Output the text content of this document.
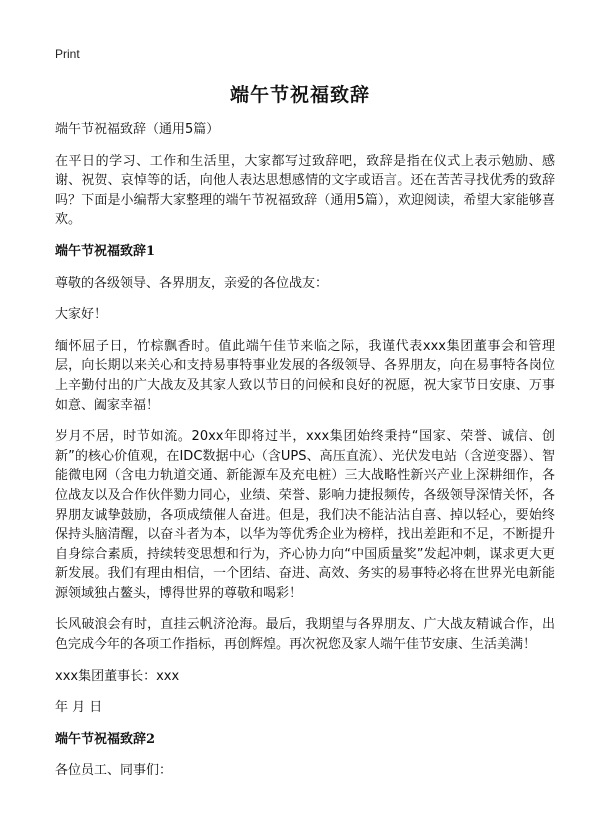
Print
端午节祝福致辞

端午节祝福致辞（通用5篇）

在平日的学习、工作和生活里，大家都写过致辞吧，致辞是指在仪式上表示勉励、感谢、祝贺、哀悼等的话，向他人表达思想感情的文字或语言。还在苦苦寻找优秀的致辞吗？下面是小编帮大家整理的端午节祝福致辞（通用5篇），欢迎阅读，希望大家能够喜欢。

端午节祝福致辞1

尊敬的各级领导、各界朋友，亲爱的各位战友：

大家好！

缅怀屈子日，竹棕飘香时。值此端午佳节来临之际，我谨代表xxx集团董事会和管理层，向长期以来关心和支持易事特事业发展的各级领导、各界朋友，向在易事特各岗位上辛勤付出的广大战友及其家人致以节日的问候和良好的祝愿，祝大家节日安康、万事如意、阖家幸福！

岁月不居，时节如流。20xx年即将过半，xxx集团始终秉持“国家、荣誉、诚信、创新”的核心价值观，在IDC数据中心（含UPS、高压直流）、光伏发电站（含逆变器）、智能微电网（含电力轨道交通、新能源车及充电桩）三大战略性新兴产业上深耕细作，各位战友以及合作伙伴勠力同心，业绩、荣誉、影响力捷报频传，各级领导深情关怀，各界朋友诚挚鼓励，各项成绩催人奋进。但是，我们决不能沾沾自喜、掉以轻心，要始终保持头脑清醒，以奋斗者为本，以华为等优秀企业为榜样，找出差距和不足，不断提升自身综合素质，持续转变思想和行为，齐心协力向“中国质量奖”发起冲刺，谋求更大更新发展。我们有理由相信，一个团结、奋进、高效、务实的易事特必将在世界光电新能源领域独占鳌头，博得世界的尊敬和喝彩！

长风破浪会有时，直挂云帆济沧海。最后，我期望与各界朋友、广大战友精诚合作，出色完成今年的各项工作指标，再创辉煌。再次祝您及家人端午佳节安康、生活美满！

xxx集团董事长：xxx

年 月 日

端午节祝福致辞2

各位员工、同事们：
